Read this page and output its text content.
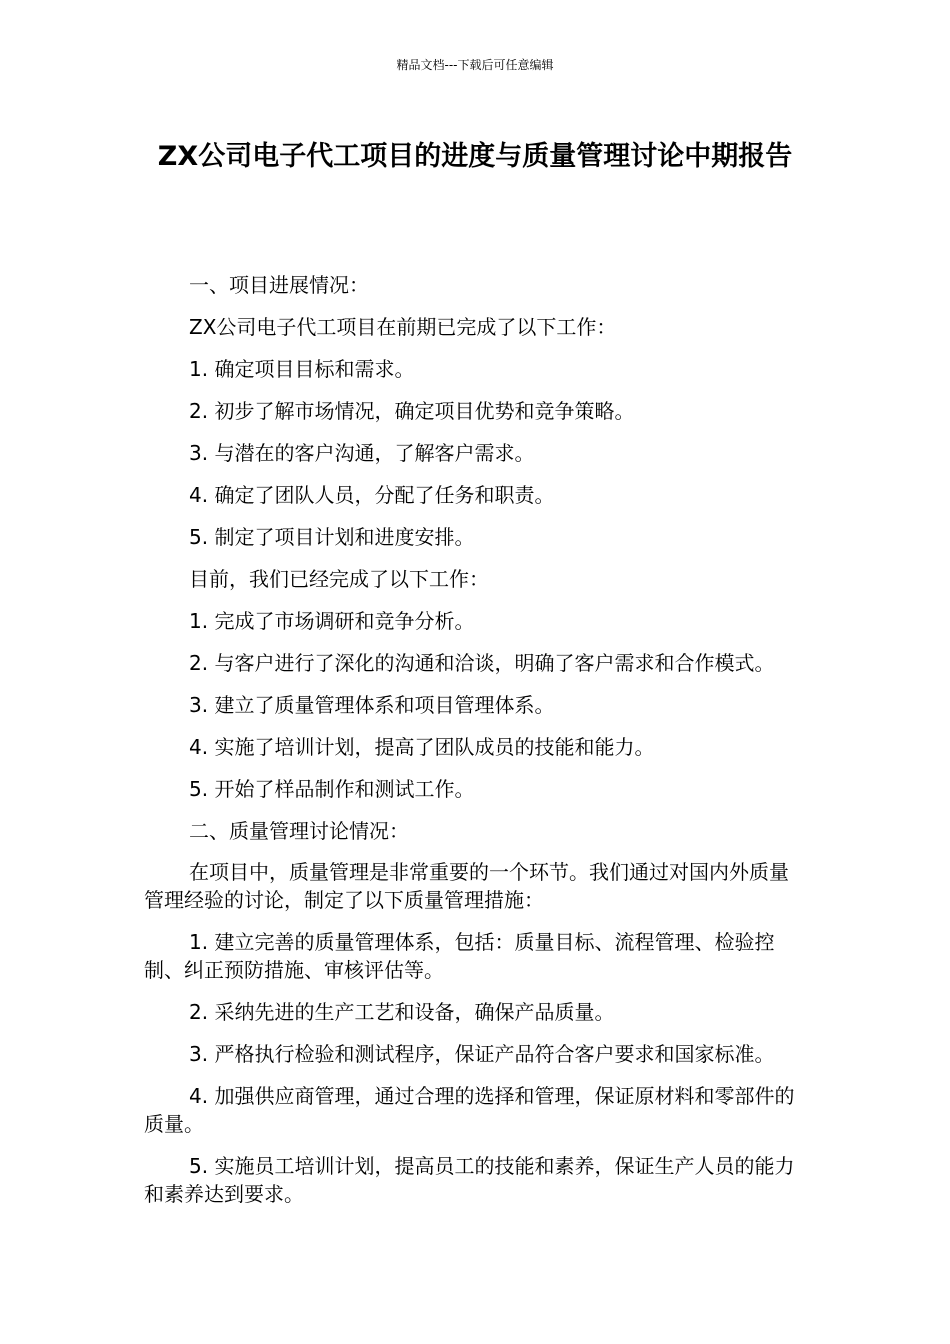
精品文档---下载后可任意编辑
ZX公司电子代工项目的进度与质量管理讨论中期报告
一、项目进展情况：
ZX公司电子代工项目在前期已完成了以下工作：
1. 确定项目目标和需求。
2. 初步了解市场情况，确定项目优势和竞争策略。
3. 与潜在的客户沟通，了解客户需求。
4. 确定了团队人员，分配了任务和职责。
5. 制定了项目计划和进度安排。
目前，我们已经完成了以下工作：
1. 完成了市场调研和竞争分析。
2. 与客户进行了深化的沟通和洽谈，明确了客户需求和合作模式。
3. 建立了质量管理体系和项目管理体系。
4. 实施了培训计划，提高了团队成员的技能和能力。
5. 开始了样品制作和测试工作。
二、质量管理讨论情况：
在项目中，质量管理是非常重要的一个环节。我们通过对国内外质量管理经验的讨论，制定了以下质量管理措施：
1. 建立完善的质量管理体系，包括：质量目标、流程管理、检验控制、纠正预防措施、审核评估等。
2. 采纳先进的生产工艺和设备，确保产品质量。
3. 严格执行检验和测试程序，保证产品符合客户要求和国家标准。
4. 加强供应商管理，通过合理的选择和管理，保证原材料和零部件的质量。
5. 实施员工培训计划，提高员工的技能和素养，保证生产人员的能力和素养达到要求。
